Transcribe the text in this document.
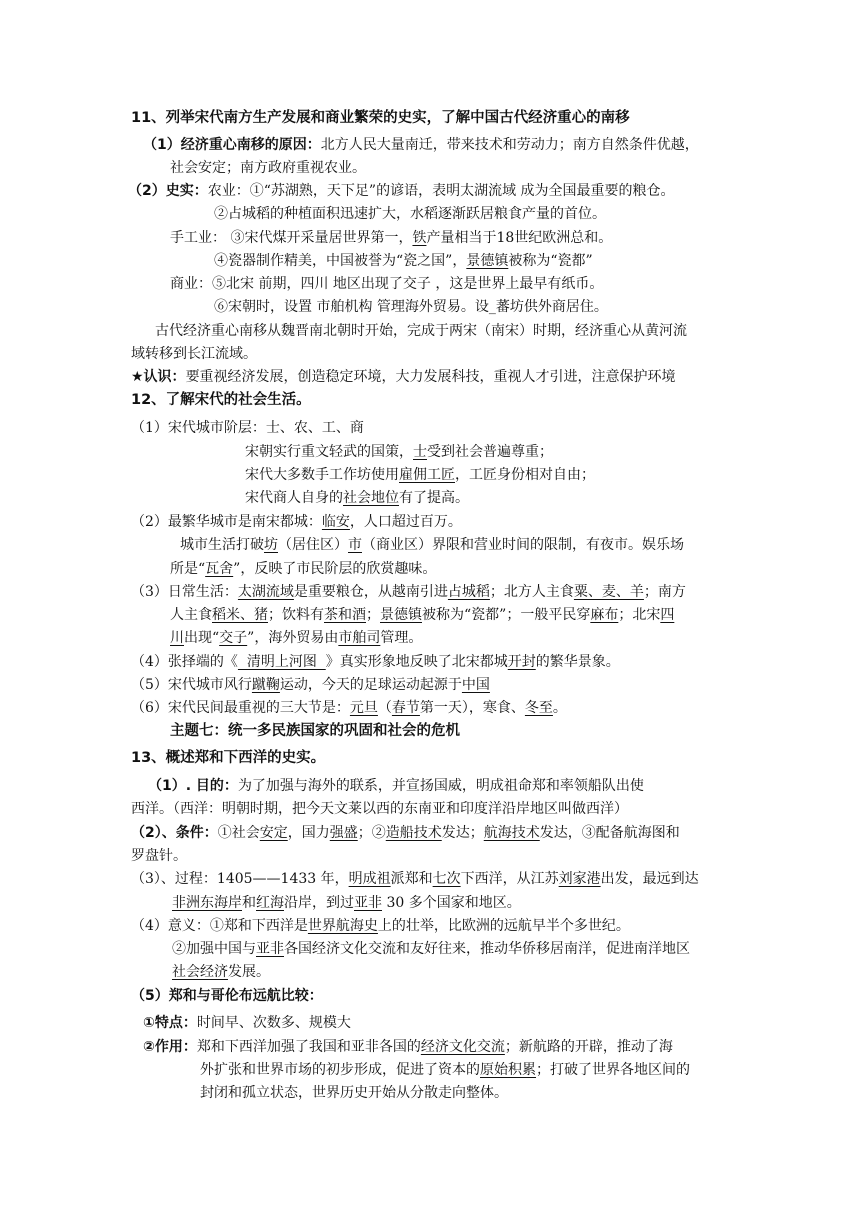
11、列举宋代南方生产发展和商业繁荣的史实，了解中国古代经济重心的南移
（1）经济重心南移的原因：北方人民大量南迁，带来技术和劳动力；南方自然条件优越，
社会安定；南方政府重视农业。
（2）史实：农业：①“苏湖熟，天下足”的谚语，表明太湖流域 成为全国最重要的粮仓。
②占城稻的种植面积迅速扩大，水稻逐渐跃居粮食产量的首位。
手工业： ③宋代煤开采量居世界第一，铁产量相当于18世纪欧洲总和。
④瓷器制作精美，中国被誉为“瓷之国”，景德镇被称为“瓷都”
商业：⑤北宋 前期，四川 地区出现了交子 ，这是世界上最早有纸币。
⑥宋朝时，设置 市舶机构 管理海外贸易。设_蕃坊供外商居住。
古代经济重心南移从魏晋南北朝时开始，完成于两宋（南宋）时期，经济重心从黄河流
域转移到长江流域。
★认识：要重视经济发展，创造稳定环境，大力发展科技，重视人才引进，注意保护环境
12、了解宋代的社会生活。
（1）宋代城市阶层：士、农、工、商
宋朝实行重文轻武的国策，士受到社会普遍尊重；
宋代大多数手工作坊使用雇佣工匠，工匠身份相对自由；
宋代商人自身的社会地位有了提高。
（2）最繁华城市是南宋都城：临安，人口超过百万。
城市生活打破坊（居住区）市（商业区）界限和营业时间的限制，有夜市。娱乐场
所是“瓦舍”，反映了市民阶层的欣赏趣味。
（3）日常生活：太湖流域是重要粮仓，从越南引进占城稻；北方人主食粟、麦、羊；南方
人主食稻米、猪；饮料有茶和酒；景德镇被称为“瓷都”；一般平民穿麻布；北宋四
川出现“交子”，海外贸易由市舶司管理。
（4）张择端的《  清明上河图  》真实形象地反映了北宋都城开封的繁华景象。
（5）宋代城市风行蹴鞠运动，今天的足球运动起源于中国
（6）宋代民间最重视的三大节是：元旦（春节第一天），寒食、冬至。
主题七：统一多民族国家的巩固和社会的危机
13、概述郑和下西洋的史实。
（1）. 目的：为了加强与海外的联系，并宣扬国威，明成祖命郑和率领船队出使
西洋。（西洋：明朝时期，把今天文莱以西的东南亚和印度洋沿岸地区叫做西洋）
（2）、条件：①社会安定，国力强盛；②造船技术发达；航海技术发达，③配备航海图和
罗盘针。
（3）、过程：1405——1433 年，明成祖派郑和七次下西洋，从江苏刘家港出发，最远到达
非洲东海岸和红海沿岸，到过亚非 30 多个国家和地区。
（4）意义：①郑和下西洋是世界航海史上的壮举，比欧洲的远航早半个多世纪。
②加强中国与亚非各国经济文化交流和友好往来，推动华侨移居南洋，促进南洋地区
社会经济发展。
（5）郑和与哥伦布远航比较：
①特点：时间早、次数多、规模大
②作用：郑和下西洋加强了我国和亚非各国的经济文化交流；新航路的开辟，推动了海
外扩张和世界市场的初步形成，促进了资本的原始积累；打破了世界各地区间的
封闭和孤立状态，世界历史开始从分散走向整体。
